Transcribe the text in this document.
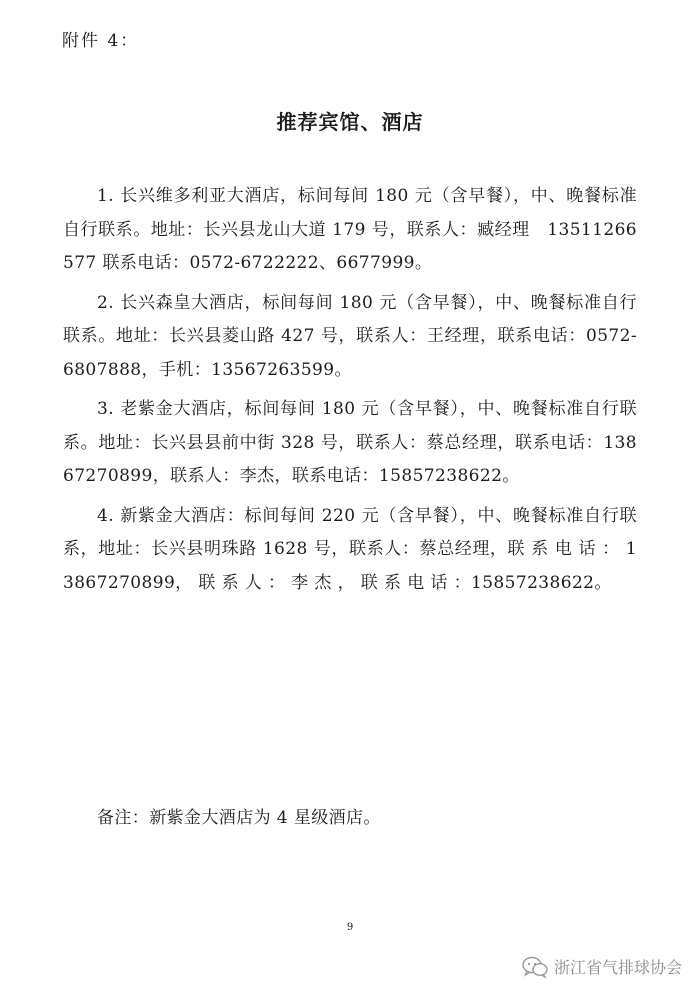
附件 4：
推荐宾馆、酒店

1. 长兴维多利亚大酒店，标间每间 180 元（含早餐），中、晚餐标准自行联系。地址：长兴县龙山大道 179 号，联系人：臧经理　13511266577 联系电话：0572-6722222、6677999。

2. 长兴森皇大酒店，标间每间 180 元（含早餐），中、晚餐标准自行联系。地址：长兴县菱山路 427 号，联系人：王经理，联系电话：0572-6807888，手机：13567263599。

3. 老紫金大酒店，标间每间 180 元（含早餐），中、晚餐标准自行联系。地址：长兴县县前中街 328 号，联系人：蔡总经理，联系电话：13867270899，联系人：李杰，联系电话：15857238622。

4. 新紫金大酒店：标间每间 220 元（含早餐），中、晚餐标准自行联系，地址：长兴县明珠路 1628 号，联系人：蔡总经理，联 系 电 话 ： 13867270899， 联 系 人 ： 李 杰 ， 联 系 电 话 ：15857238622。

备注：新紫金大酒店为 4 星级酒店。
9
浙江省气排球协会
